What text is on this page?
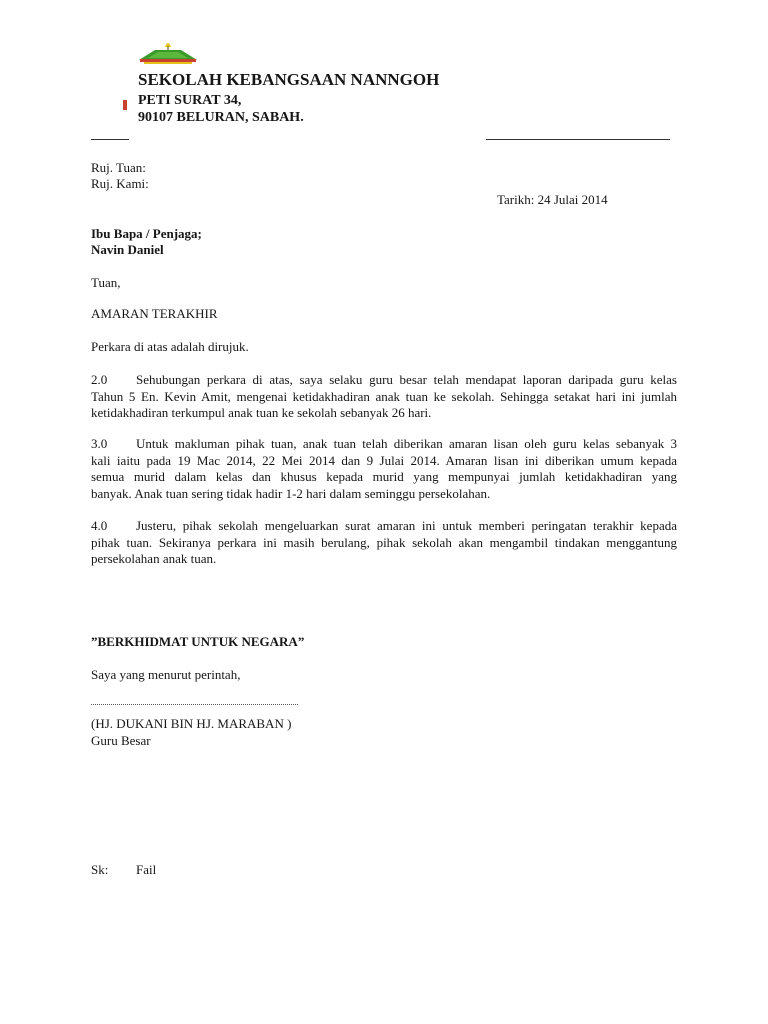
SEKOLAH KEBANGSAAN NANNGOH
PETI SURAT 34,
90107 BELURAN, SABAH.
Ruj. Tuan:
Ruj. Kami:
Tarikh: 24 Julai 2014
Ibu Bapa / Penjaga;
Navin Daniel
Tuan,
AMARAN TERAKHIR
Perkara di atas adalah dirujuk.
2.0	Sehubungan perkara di atas, saya selaku guru besar telah mendapat laporan daripada guru kelas
Tahun 5 En. Kevin Amit, mengenai ketidakhadiran anak tuan ke sekolah. Sehingga setakat hari ini jumlah
ketidakhadiran terkumpul anak tuan ke sekolah sebanyak 26 hari.
3.0	Untuk makluman pihak tuan, anak tuan telah diberikan amaran lisan oleh guru kelas sebanyak 3
kali iaitu pada 19 Mac 2014, 22 Mei 2014 dan 9 Julai 2014. Amaran lisan ini diberikan umum kepada
semua murid dalam kelas dan khusus kepada murid yang mempunyai jumlah ketidakhadiran yang
banyak. Anak tuan sering tidak hadir 1-2 hari dalam seminggu persekolahan.
4.0	Justeru, pihak sekolah mengeluarkan surat amaran ini untuk memberi peringatan terakhir kepada
pihak tuan. Sekiranya perkara ini masih berulang, pihak sekolah akan mengambil tindakan menggantung
persekolahan anak tuan.
”BERKHIDMAT UNTUK NEGARA”
Saya yang menurut perintah,
(HJ. DUKANI BIN HJ. MARABAN )
Guru Besar
Sk: Fail
